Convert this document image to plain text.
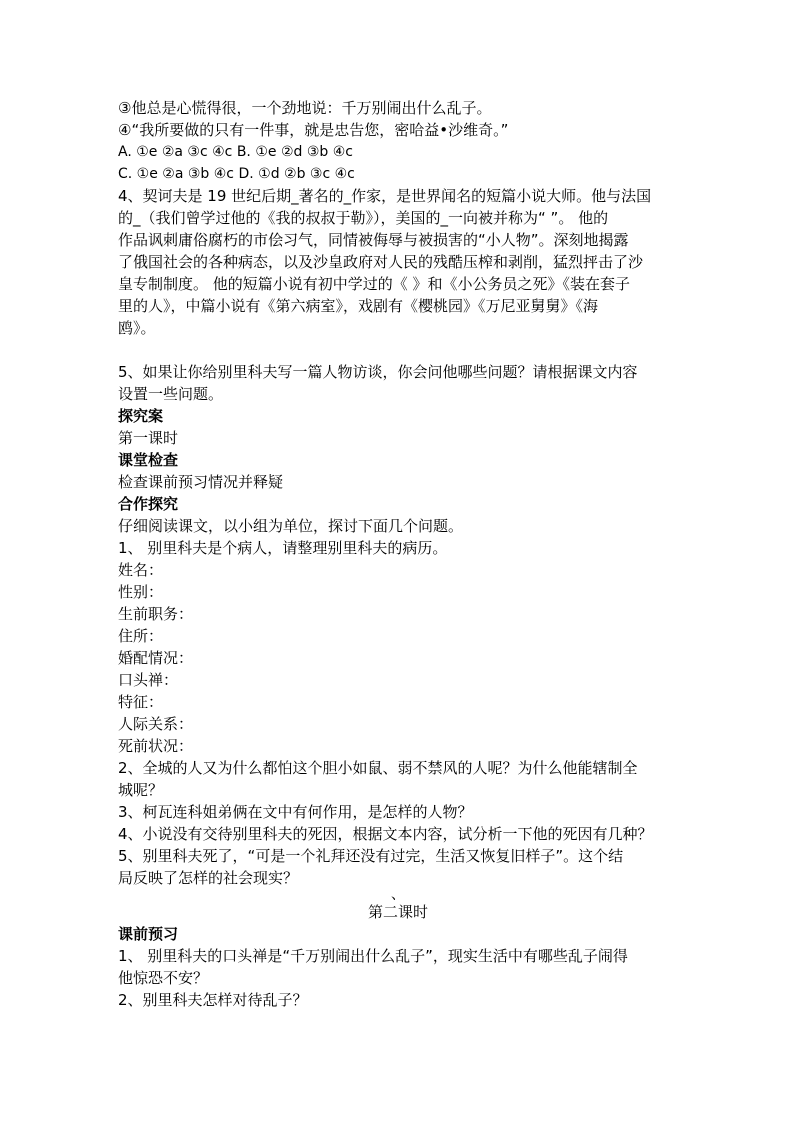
③他总是心慌得很，一个劲地说：千万别闹出什么乱子。
④“我所要做的只有一件事，就是忠告您，密哈益•沙维奇。”
A. ①e ②a ③c ④c B. ①e ②d ③b ④c
C. ①e ②a ③b ④c D. ①d ②b ③c ④c
4、契诃夫是 19 世纪后期_著名的_作家，是世界闻名的短篇小说大师。他与法国
的_（我们曾学过他的《我的叔叔于勒》），美国的_一向被并称为“ ”。 他的
作品讽刺庸俗腐朽的市侩习气，同情被侮辱与被损害的“小人物”。深刻地揭露
了俄国社会的各种病态，以及沙皇政府对人民的残酷压榨和剥削，猛烈抨击了沙
皇专制制度。 他的短篇小说有初中学过的《 》和《小公务员之死》《装在套子
里的人》，中篇小说有《第六病室》，戏剧有《樱桃园》《万尼亚舅舅》《海
鸥》。
5、如果让你给别里科夫写一篇人物访谈，你会问他哪些问题？请根据课文内容
设置一些问题。
探究案
第一课时
课堂检查
检查课前预习情况并释疑
合作探究
仔细阅读课文，以小组为单位，探讨下面几个问题。
1、 别里科夫是个病人，请整理别里科夫的病历。
姓名：
性别：
生前职务：
住所：
婚配情况：
口头禅：
特征：
人际关系：
死前状况：
2、全城的人又为什么都怕这个胆小如鼠、弱不禁风的人呢？为什么他能辖制全
城呢？
3、柯瓦连科姐弟俩在文中有何作用，是怎样的人物？
4、小说没有交待别里科夫的死因，根据文本内容，试分析一下他的死因有几种？
5、别里科夫死了，“可是一个礼拜还没有过完，生活又恢复旧样子”。这个结
局反映了怎样的社会现实？
、
第二课时
课前预习
1、 别里科夫的口头禅是“千万别闹出什么乱子”，现实生活中有哪些乱子闹得
他惊恐不安？
2、别里科夫怎样对待乱子？
